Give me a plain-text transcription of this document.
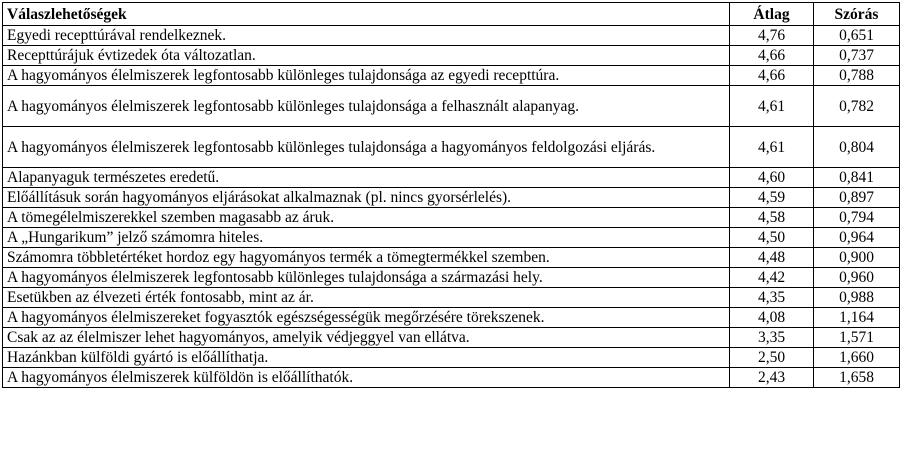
Válaszlehetőségek	Átlag	Szórás
Egyedi recepttúrával rendelkeznek.	4,76	0,651
Recepttúrájuk évtizedek óta változatlan.	4,66	0,737
A hagyományos élelmiszerek legfontosabb különleges tulajdonsága az egyedi recepttúra.	4,66	0,788
A hagyományos élelmiszerek legfontosabb különleges tulajdonsága a felhasznált alapanyag.	4,61	0,782
A hagyományos élelmiszerek legfontosabb különleges tulajdonsága a hagyományos feldolgozási eljárás.	4,61	0,804
Alapanyaguk természetes eredetű.	4,60	0,841
Előállításuk során hagyományos eljárásokat alkalmaznak (pl. nincs gyorsérlelés).	4,59	0,897
A tömegélelmiszerekkel szemben magasabb az áruk.	4,58	0,794
A „Hungarikum” jelző számomra hiteles.	4,50	0,964
Számomra többletértéket hordoz egy hagyományos termék a tömegtermékkel szemben.	4,48	0,900
A hagyományos élelmiszerek legfontosabb különleges tulajdonsága a származási hely.	4,42	0,960
Esetükben az élvezeti érték fontosabb, mint az ár.	4,35	0,988
A hagyományos élelmiszereket fogyasztók egészségességük megőrzésére törekszenek.	4,08	1,164
Csak az az élelmiszer lehet hagyományos, amelyik védjeggyel van ellátva.	3,35	1,571
Hazánkban külföldi gyártó is előállíthatja.	2,50	1,660
A hagyományos élelmiszerek külföldön is előállíthatók.	2,43	1,658
